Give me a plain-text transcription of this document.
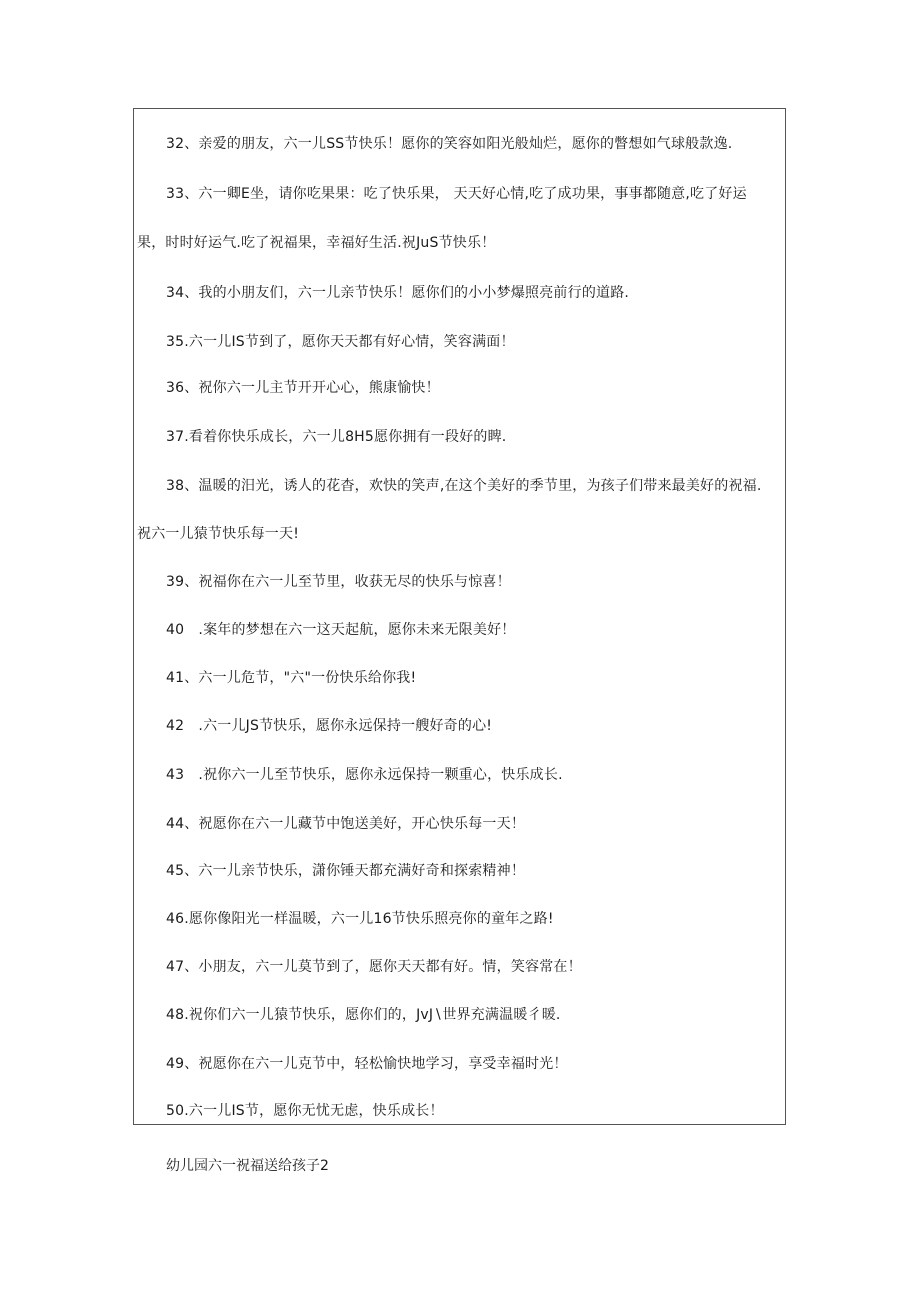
32、亲爱的朋友，六一儿SS节快乐！愿你的笑容如阳光般灿烂，愿你的瞥想如气球般款逸.
33、六一卿E坐，请你吃果果：吃了快乐果， 天天好心情,吃了成功果，事事都随意,吃了好运
果，时时好运气.吃了祝福果，幸福好生活.祝JuS节快乐！
34、我的小朋友们，六一儿亲节快乐！愿你们的小小梦爆照亮前行的道路.
35.六一儿IS节到了，愿你天天都有好心情，笑容满面！
36、祝你六一儿主节开开心心，熊康愉快！
37.看着你快乐成长，六一儿8H5愿你拥有一段好的睥.
38、温暖的汨光，诱人的花杳，欢快的笑声,在这个美好的季节里，为孩子们带来最美好的祝福.
祝六一儿猿节快乐每一天!
39、祝福你在六一儿至节里，收获无尽的快乐与惊喜！
40　.案年的梦想在六一这天起航，愿你未来无限美好！
41、六一儿危节，"六"一份快乐给你我!
42　.六一儿JS节快乐，愿你永远保持一艘好奇的心!
43　.祝你六一儿至节快乐，愿你永远保持一颗重心，快乐成长.
44、祝愿你在六一儿藏节中饱送美好，开心快乐每一天！
45、六一儿亲节快乐，潇你锤天都充满好奇和探索精神！
46.愿你像阳光一样温暖，六一儿16节快乐照亮你的童年之路!
47、小朋友，六一儿莫节到了，愿你天天都有好。情，笑容常在！
48.祝你们六一儿猿节快乐，愿你们的，JvJ∖世界充满温暖彳暖.
49、祝愿你在六一儿克节中，轻松愉快地学习，享受幸福时光！
50.六一儿IS节，愿你无忧无虑，快乐成长！
幼儿园六一祝福送给孩子2
